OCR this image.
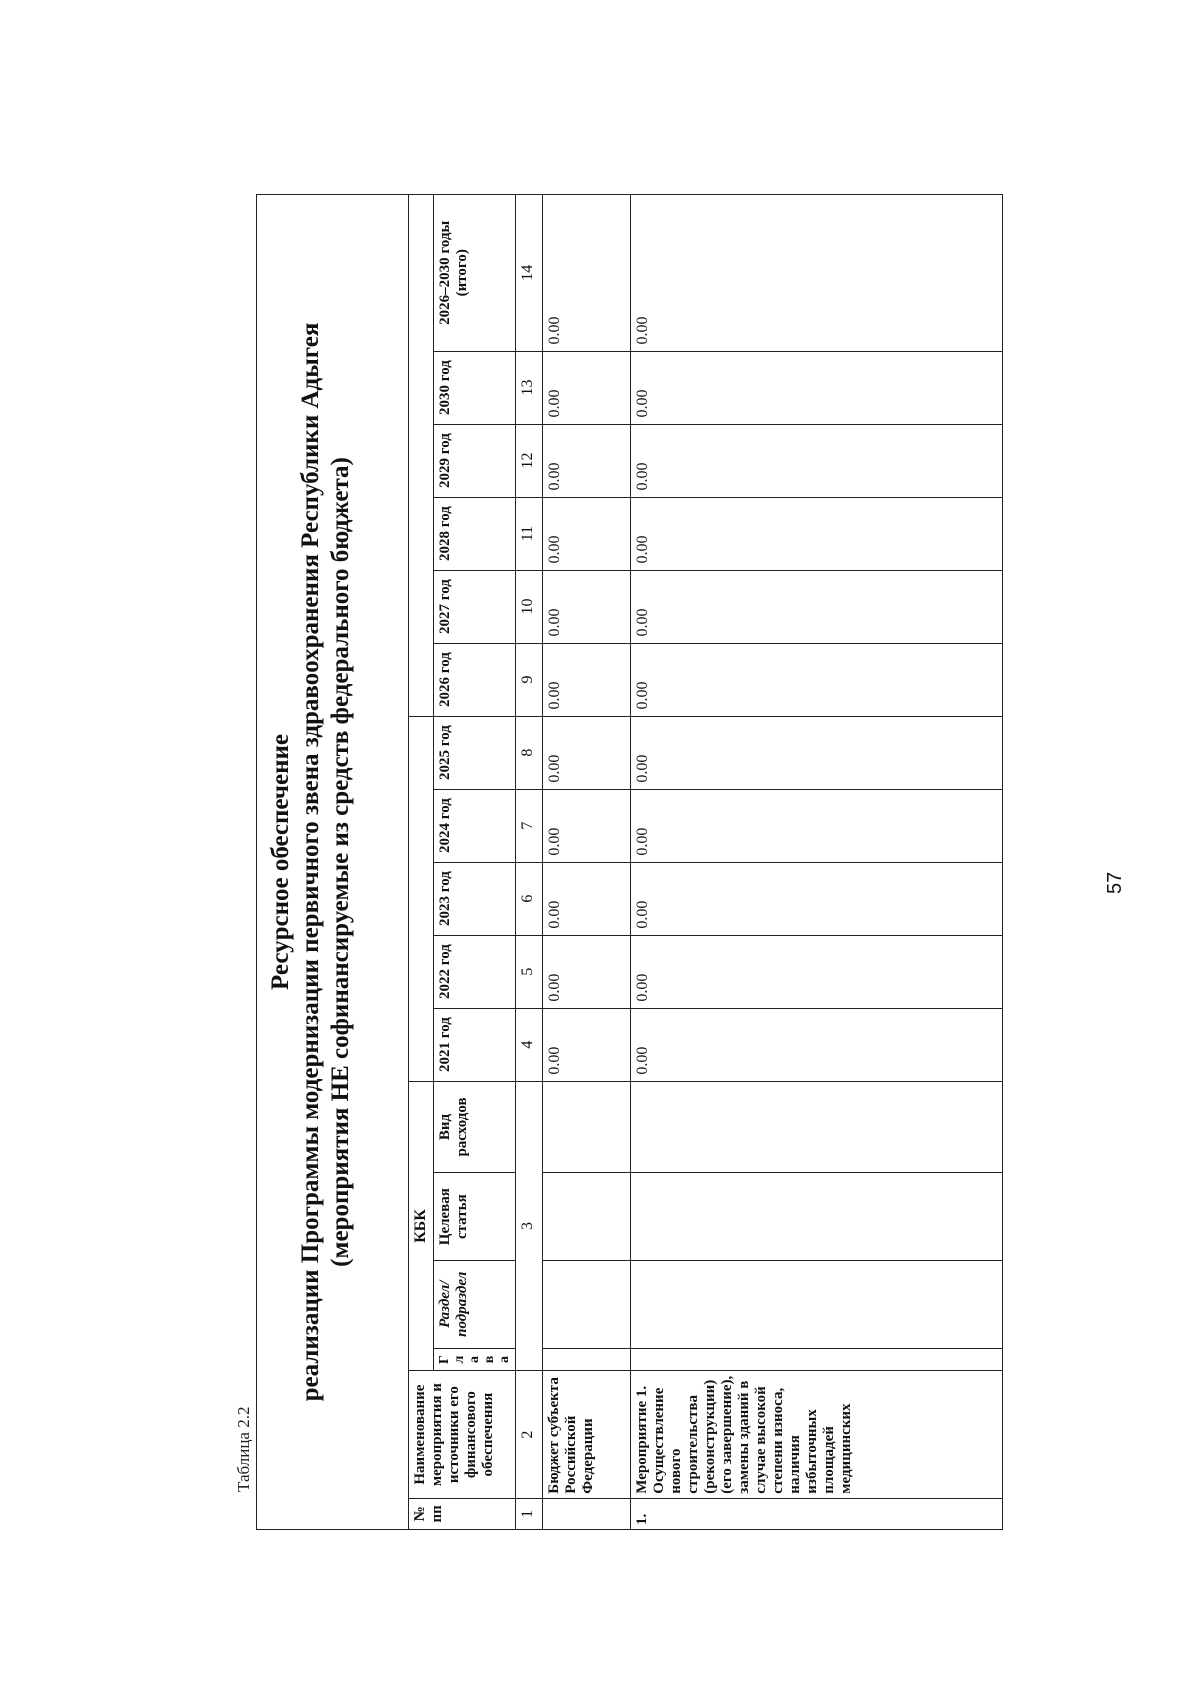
Таблица 2.2
Ресурсное обеспечение реализации Программы модернизации первичного звена здравоохранения Республики Адыгея (мероприятия НЕ софинансируемые из средств федерального бюджета)
№ пп	Наименование мероприятия и источники его финансового обеспечения	КБК														
		Глава	Раздел/ подраздел	Целевая статья	Вид расходов	2021 год	2022 год	2023 год	2024 год	2025 год	2026 год	2027 год	2028 год	2029 год	2030 год	2026–2030 годы (итого)
1	2	3				4	5	6	7	8	9	10	11	12	13	14
	Бюджет субъекта Российской Федерации					0.00	0.00	0.00	0.00	0.00	0.00	0.00	0.00	0.00	0.00	0.00
1.	Мероприятие 1. Осуществление нового строительства (реконструкции) (его завершение), замены зданий в случае высокой степени износа, наличия избыточных площадей медицинских					0.00	0.00	0.00	0.00	0.00	0.00	0.00	0.00	0.00	0.00	0.00
57
